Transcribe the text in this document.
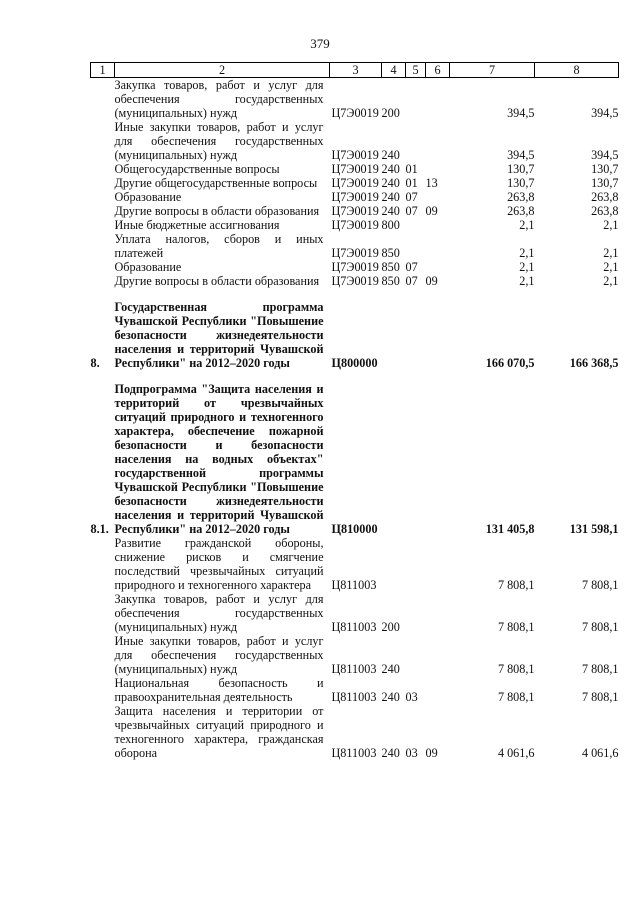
379
1	2	3	4	5	6	7	8
	Закупка товаров, работ и услуг для обеспечения государственных (муниципальных) нужд	Ц7Э0019	200			394,5	394,5
	Иные закупки товаров, работ и услуг для обеспечения государственных (муниципальных) нужд	Ц7Э0019	240			394,5	394,5
	Общегосударственные вопросы	Ц7Э0019	240	01		130,7	130,7
	Другие общегосударственные вопросы	Ц7Э0019	240	01	13	130,7	130,7
	Образование	Ц7Э0019	240	07		263,8	263,8
	Другие вопросы в области образования	Ц7Э0019	240	07	09	263,8	263,8
	Иные бюджетные ассигнования	Ц7Э0019	800			2,1	2,1
	Уплата налогов, сборов и иных платежей	Ц7Э0019	850			2,1	2,1
	Образование	Ц7Э0019	850	07		2,1	2,1
	Другие вопросы в области образования	Ц7Э0019	850	07	09	2,1	2,1

8.	Государственная программа Чувашской Республики "Повышение безопасности жизнедеятельности населения и территорий Чувашской Республики" на 2012–2020 годы	Ц800000				166 070,5	166 368,5

8.1.	Подпрограмма "Защита населения и территорий от чрезвычайных ситуаций природного и техногенного характера, обеспечение пожарной безопасности и безопасности населения на водных объектах" государственной программы Чувашской Республики "Повышение безопасности жизнедеятельности населения и территорий Чувашской Республики" на 2012–2020 годы	Ц810000				131 405,8	131 598,1
	Развитие гражданской обороны, снижение рисков и смягчение последствий чрезвычайных ситуаций природного и техногенного характера	Ц811003				7 808,1	7 808,1
	Закупка товаров, работ и услуг для обеспечения государственных (муниципальных) нужд	Ц811003	200			7 808,1	7 808,1
	Иные закупки товаров, работ и услуг для обеспечения государственных (муниципальных) нужд	Ц811003	240			7 808,1	7 808,1
	Национальная безопасность и правоохранительная деятельность	Ц811003	240	03		7 808,1	7 808,1
	Защита населения и территории от чрезвычайных ситуаций природного и техногенного характера, гражданская оборона	Ц811003	240	03	09	4 061,6	4 061,6
